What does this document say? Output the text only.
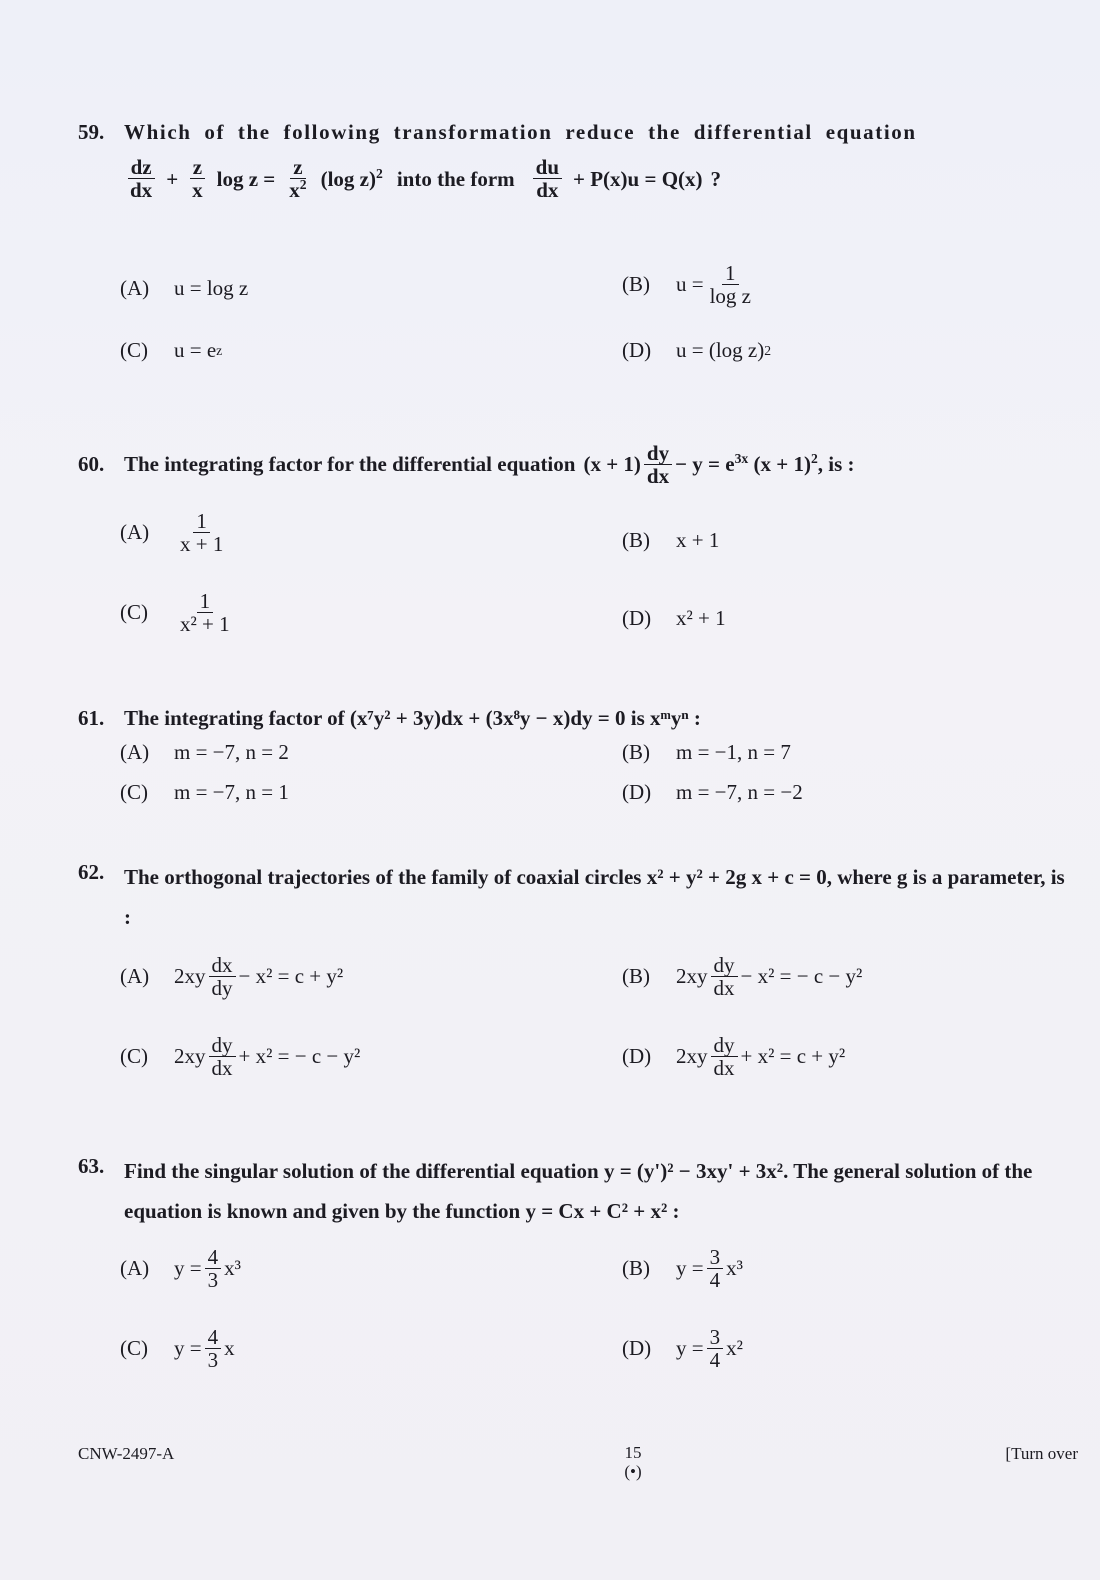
59. Which of the following transformation reduce the differential equation
$\frac{dz}{dx} + \frac{z}{x}$ $\log z = \frac{z}{x^2} (\log$ z)$^2$ into the form $\frac{du}{dx} + P(x)u = Q(x)$ ?
(A)	u = log z	(B)	$u = \frac{1}{\text{log z}}$
(C)	u = e z	(D)	u = (log z) 2
60. The integrating factor for the differential equation $(x + 1) \frac{dy}{dx} - y = e^{3x}$ $(x + 1)^2$ , is :
(A)	$\frac{1}{x + 1}$	(B)	x + 1
(C)	$\frac{1}{\text{x² + 1}}$	(D)	x² + 1
61. The integrating factor of (x⁷y² + 3y)dx + (3x⁸y − x)dy = 0 is xᵐyⁿ :
(A)	m = −7, n = 2	(B)	m = −1, n = 7
(C)	m = −7, n = 1	(D)	m = −7, n = −2
62. The orthogonal trajectories of the family of coaxial circles x² + y² + 2g x + c = 0, where g is a parameter, is :
(A)	$2xy \frac{dx}{dy} - x^2 = c + y^2$	(B)	$2xy \frac{dy}{dx} - x^2$ = − c − y²
(C)	$2xy \frac{dy}{dx} + x^2$ = − c − y²	(D)	$2xy \frac{dy}{dx} + x^2 = c + y^2$
63. Find the singular solution of the differential equation y = (y')² − 3xy' + 3x². The general solution of the equation is known and given by the function y = Cx + C² + x² :
(A)	$y = \frac{4}{3} x^3$	(B)	$y = \frac{3}{4} x^3$
(C)	$y = \frac{4}{3}$ x	(D)	$y = \frac{3}{4} x^2$
CNW-2497-A	15
(•)
[Turn over
